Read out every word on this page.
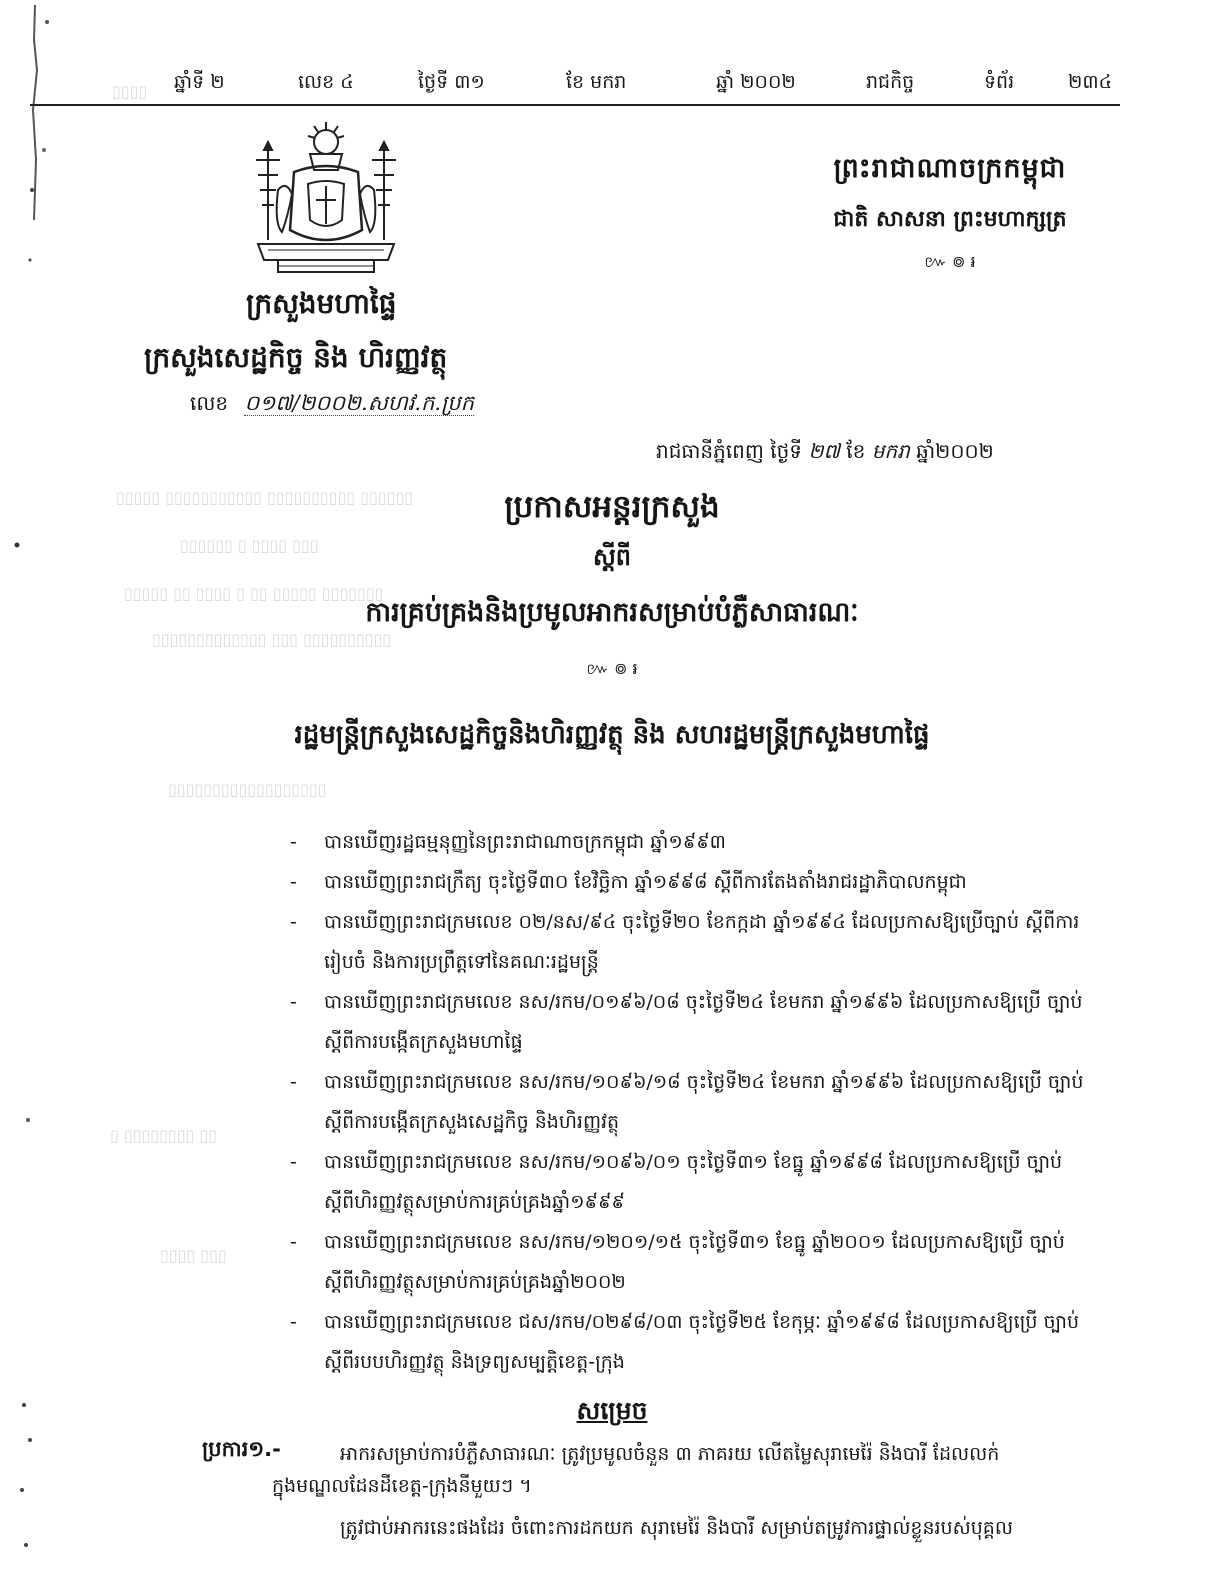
▯▯▯▯
▯▯▯▯▯ ▯▯▯▯▯▯▯▯▯▯▯ ▯▯▯▯▯▯▯▯▯▯ ▯▯▯▯▯▯
▯▯▯▯▯▯ ▯ ▯▯▯▯ ▯▯▯
▯▯▯▯▯ ▯▯ ▯▯▯▯ ▯ ▯▯ ▯▯▯▯▯ ▯▯▯▯▯▯▯
▯▯▯▯▯▯▯▯▯▯▯▯▯ ▯▯▯ ▯▯▯▯▯▯▯▯▯▯
▯▯▯▯▯▯▯▯▯▯▯▯▯▯▯▯▯▯
▯ ▯▯▯▯▯▯▯▯ ▯▯
▯▯▯▯ ▯▯▯
ឆ្នាំទី ២	លេខ ៤	ថ្ងៃទី ៣១	ខែ មករា	ឆ្នាំ ២០០២	រាជកិច្ច	ទំព័រ	២៣៤
ព្រះរាជាណាចក្រកម្ពុជា
ជាតិ សាសនា ព្រះមហាក្សត្រ
៚ ៙ ៛
ក្រសួងមហាផ្ទៃ
ក្រសួងសេដ្ឋកិច្ច និង ហិរញ្ញវត្ថុ
លេខ ០១៧/២០០២.សហវ.ក.ប្រក
រាជធានីភ្នំពេញ ថ្ងៃទី ២៧ ខែ មករា ឆ្នាំ២០០២
ប្រកាសអន្តរក្រសួង
ស្តីពី
ការគ្រប់គ្រងនិងប្រមូលអាករសម្រាប់បំភ្លឺសាធារណៈ
៚ ៙ ៛
រដ្ឋមន្ត្រីក្រសួងសេដ្ឋកិច្ចនិងហិរញ្ញវត្ថុ និង សហរដ្ឋមន្ត្រីក្រសួងមហាផ្ទៃ
- បានឃើញរដ្ឋធម្មនុញ្ញនៃព្រះរាជាណាចក្រកម្ពុជា ឆ្នាំ១៩៩៣
- បានឃើញព្រះរាជក្រឹត្យ ចុះថ្ងៃទី៣០ ខែវិច្ឆិកា ឆ្នាំ១៩៩៨ ស្តីពីការតែងតាំងរាជរដ្ឋាភិបាលកម្ពុជា
- បានឃើញព្រះរាជក្រមលេខ ០២/នស/៩៤ ចុះថ្ងៃទី២០ ខែកក្កដា ឆ្នាំ១៩៩៤ ដែលប្រកាសឱ្យប្រើច្បាប់ ស្តីពីការរៀបចំ និងការប្រព្រឹត្តទៅនៃគណៈរដ្ឋមន្ត្រី
- បានឃើញព្រះរាជក្រមលេខ នស/រកម/០១៩៦/០៨ ចុះថ្ងៃទី២៤ ខែមករា ឆ្នាំ១៩៩៦ ដែលប្រកាសឱ្យប្រើ ច្បាប់ស្តីពីការបង្កើតក្រសួងមហាផ្ទៃ
- បានឃើញព្រះរាជក្រមលេខ នស/រកម/១០៩៦/១៨ ចុះថ្ងៃទី២៤ ខែមករា ឆ្នាំ១៩៩៦ ដែលប្រកាសឱ្យប្រើ ច្បាប់ស្តីពីការបង្កើតក្រសួងសេដ្ឋកិច្ច និងហិរញ្ញវត្ថុ
- បានឃើញព្រះរាជក្រមលេខ នស/រកម/១០៩៦/០១ ចុះថ្ងៃទី៣១ ខែធ្នូ ឆ្នាំ១៩៩៨ ដែលប្រកាសឱ្យប្រើ ច្បាប់ស្តីពីហិរញ្ញវត្ថុសម្រាប់ការគ្រប់គ្រងឆ្នាំ១៩៩៩
- បានឃើញព្រះរាជក្រមលេខ នស/រកម/១២០១/១៥ ចុះថ្ងៃទី៣១ ខែធ្នូ ឆ្នាំ២០០១ ដែលប្រកាសឱ្យប្រើ ច្បាប់ស្តីពីហិរញ្ញវត្ថុសម្រាប់ការគ្រប់គ្រងឆ្នាំ២០០២
- បានឃើញព្រះរាជក្រមលេខ ជស/រកម/០២៩៨/០៣ ចុះថ្ងៃទី២៥ ខែកុម្ភៈ ឆ្នាំ១៩៩៨ ដែលប្រកាសឱ្យប្រើ ច្បាប់ស្តីពីរបបហិរញ្ញវត្ថុ និងទ្រព្យសម្បត្តិខេត្ត-ក្រុង
សម្រេច
ប្រការ១.-	អាករសម្រាប់ការបំភ្លឺសាធារណៈ ត្រូវប្រមូលចំនួន ៣ ភាគរយ លើតម្លៃសុរាមេរ៉ៃ និងបារី ដែលលក់
ក្នុងមណ្ឌលដែនដីខេត្ត-ក្រុងនីមួយៗ ។
ត្រូវជាប់អាករនេះផងដែរ ចំពោះការដកយក សុរាមេរ៉ៃ និងបារី សម្រាប់តម្រូវការផ្ទាល់ខ្លួនរបស់បុគ្គល
